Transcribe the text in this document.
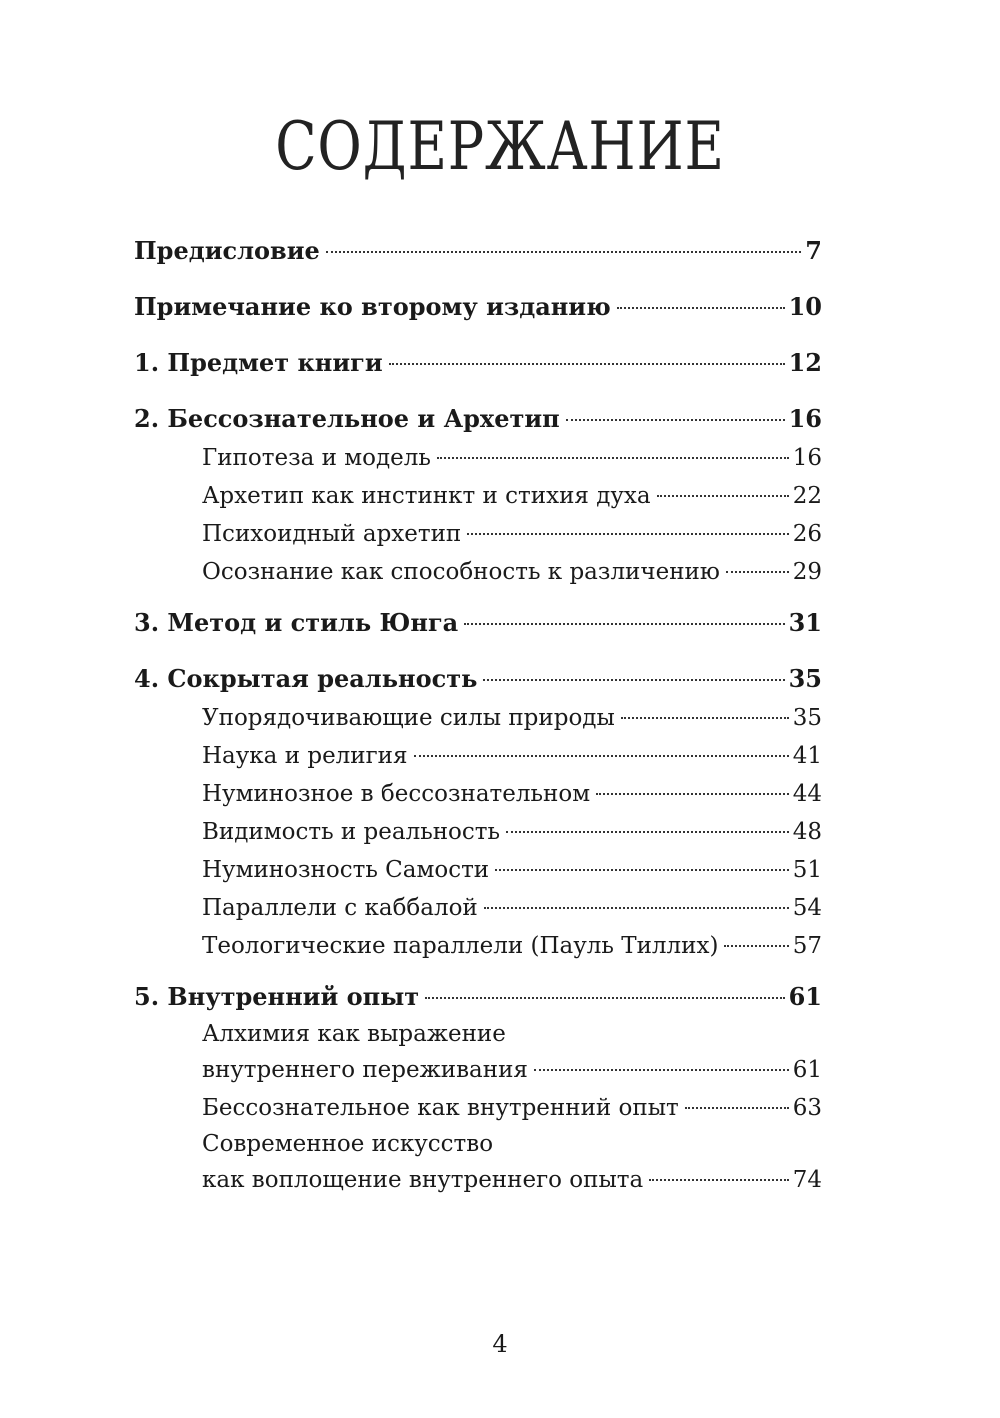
СОДЕРЖАНИЕ
Предисловие	7
Примечание ко второму изданию	10
1. Предмет книги	12
2. Бессознательное и Архетип	16
Гипотеза и модель	16
Архетип как инстинкт и стихия духа	22
Психоидный архетип	26
Осознание как способность к различению	29
3. Метод и стиль Юнга	31
4. Сокрытая реальность	35
Упорядочивающие силы природы	35
Наука и религия	41
Нуминозное в бессознательном	44
Видимость и реальность	48
Нуминозность Самости	51
Параллели с каббалой	54
Теологические параллели (Пауль Тиллих)	57
5. Внутренний опыт	61
Алхимия как выражение
внутреннего переживания	61
Бессознательное как внутренний опыт	63
Современное искусство
как воплощение внутреннего опыта	74
4
